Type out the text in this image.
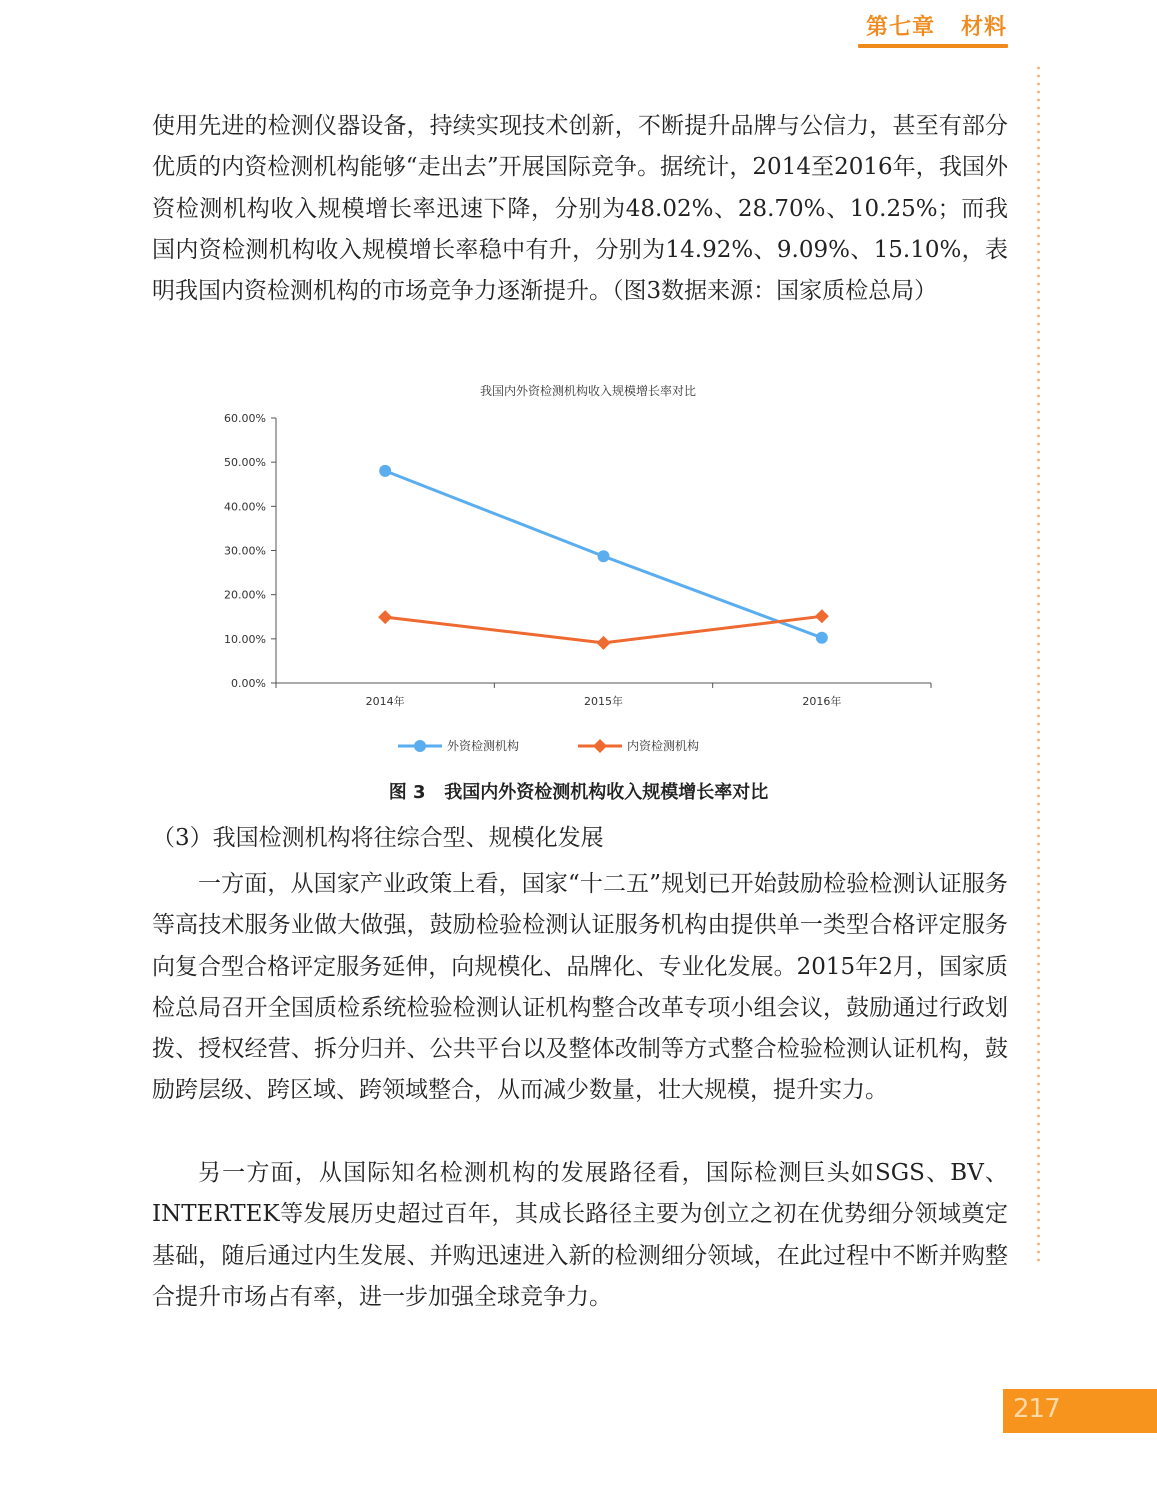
第七章   材料

使用先进的检测仪器设备，持续实现技术创新，不断提升品牌与公信力，甚至有部分优质的内资检测机构能够“走出去”开展国际竞争。据统计，2014至2016年，我国外资检测机构收入规模增长率迅速下降，分别为48.02%、28.70%、10.25%；而我国内资检测机构收入规模增长率稳中有升，分别为14.92%、9.09%、15.10%，表明我国内资检测机构的市场竞争力逐渐提升。（图3数据来源：国家质检总局）

我国内外资检测机构收入规模增长率对比
0.00%
10.00%
20.00%
30.00%
40.00%
50.00%
60.00%
2014年	2015年	2016年
外资检测机构	内资检测机构
图 3   我国内外资检测机构收入规模增长率对比

（3）我国检测机构将往综合型、规模化发展

一方面，从国家产业政策上看，国家“十二五”规划已开始鼓励检验检测认证服务等高技术服务业做大做强，鼓励检验检测认证服务机构由提供单一类型合格评定服务向复合型合格评定服务延伸，向规模化、品牌化、专业化发展。2015年2月，国家质检总局召开全国质检系统检验检测认证机构整合改革专项小组会议，鼓励通过行政划拨、授权经营、拆分归并、公共平台以及整体改制等方式整合检验检测认证机构，鼓励跨层级、跨区域、跨领域整合，从而减少数量，壮大规模，提升实力。

另一方面，从国际知名检测机构的发展路径看，国际检测巨头如SGS、BV、INTERTEK等发展历史超过百年，其成长路径主要为创立之初在优势细分领域奠定基础，随后通过内生发展、并购迅速进入新的检测细分领域，在此过程中不断并购整合提升市场占有率，进一步加强全球竞争力。

217
